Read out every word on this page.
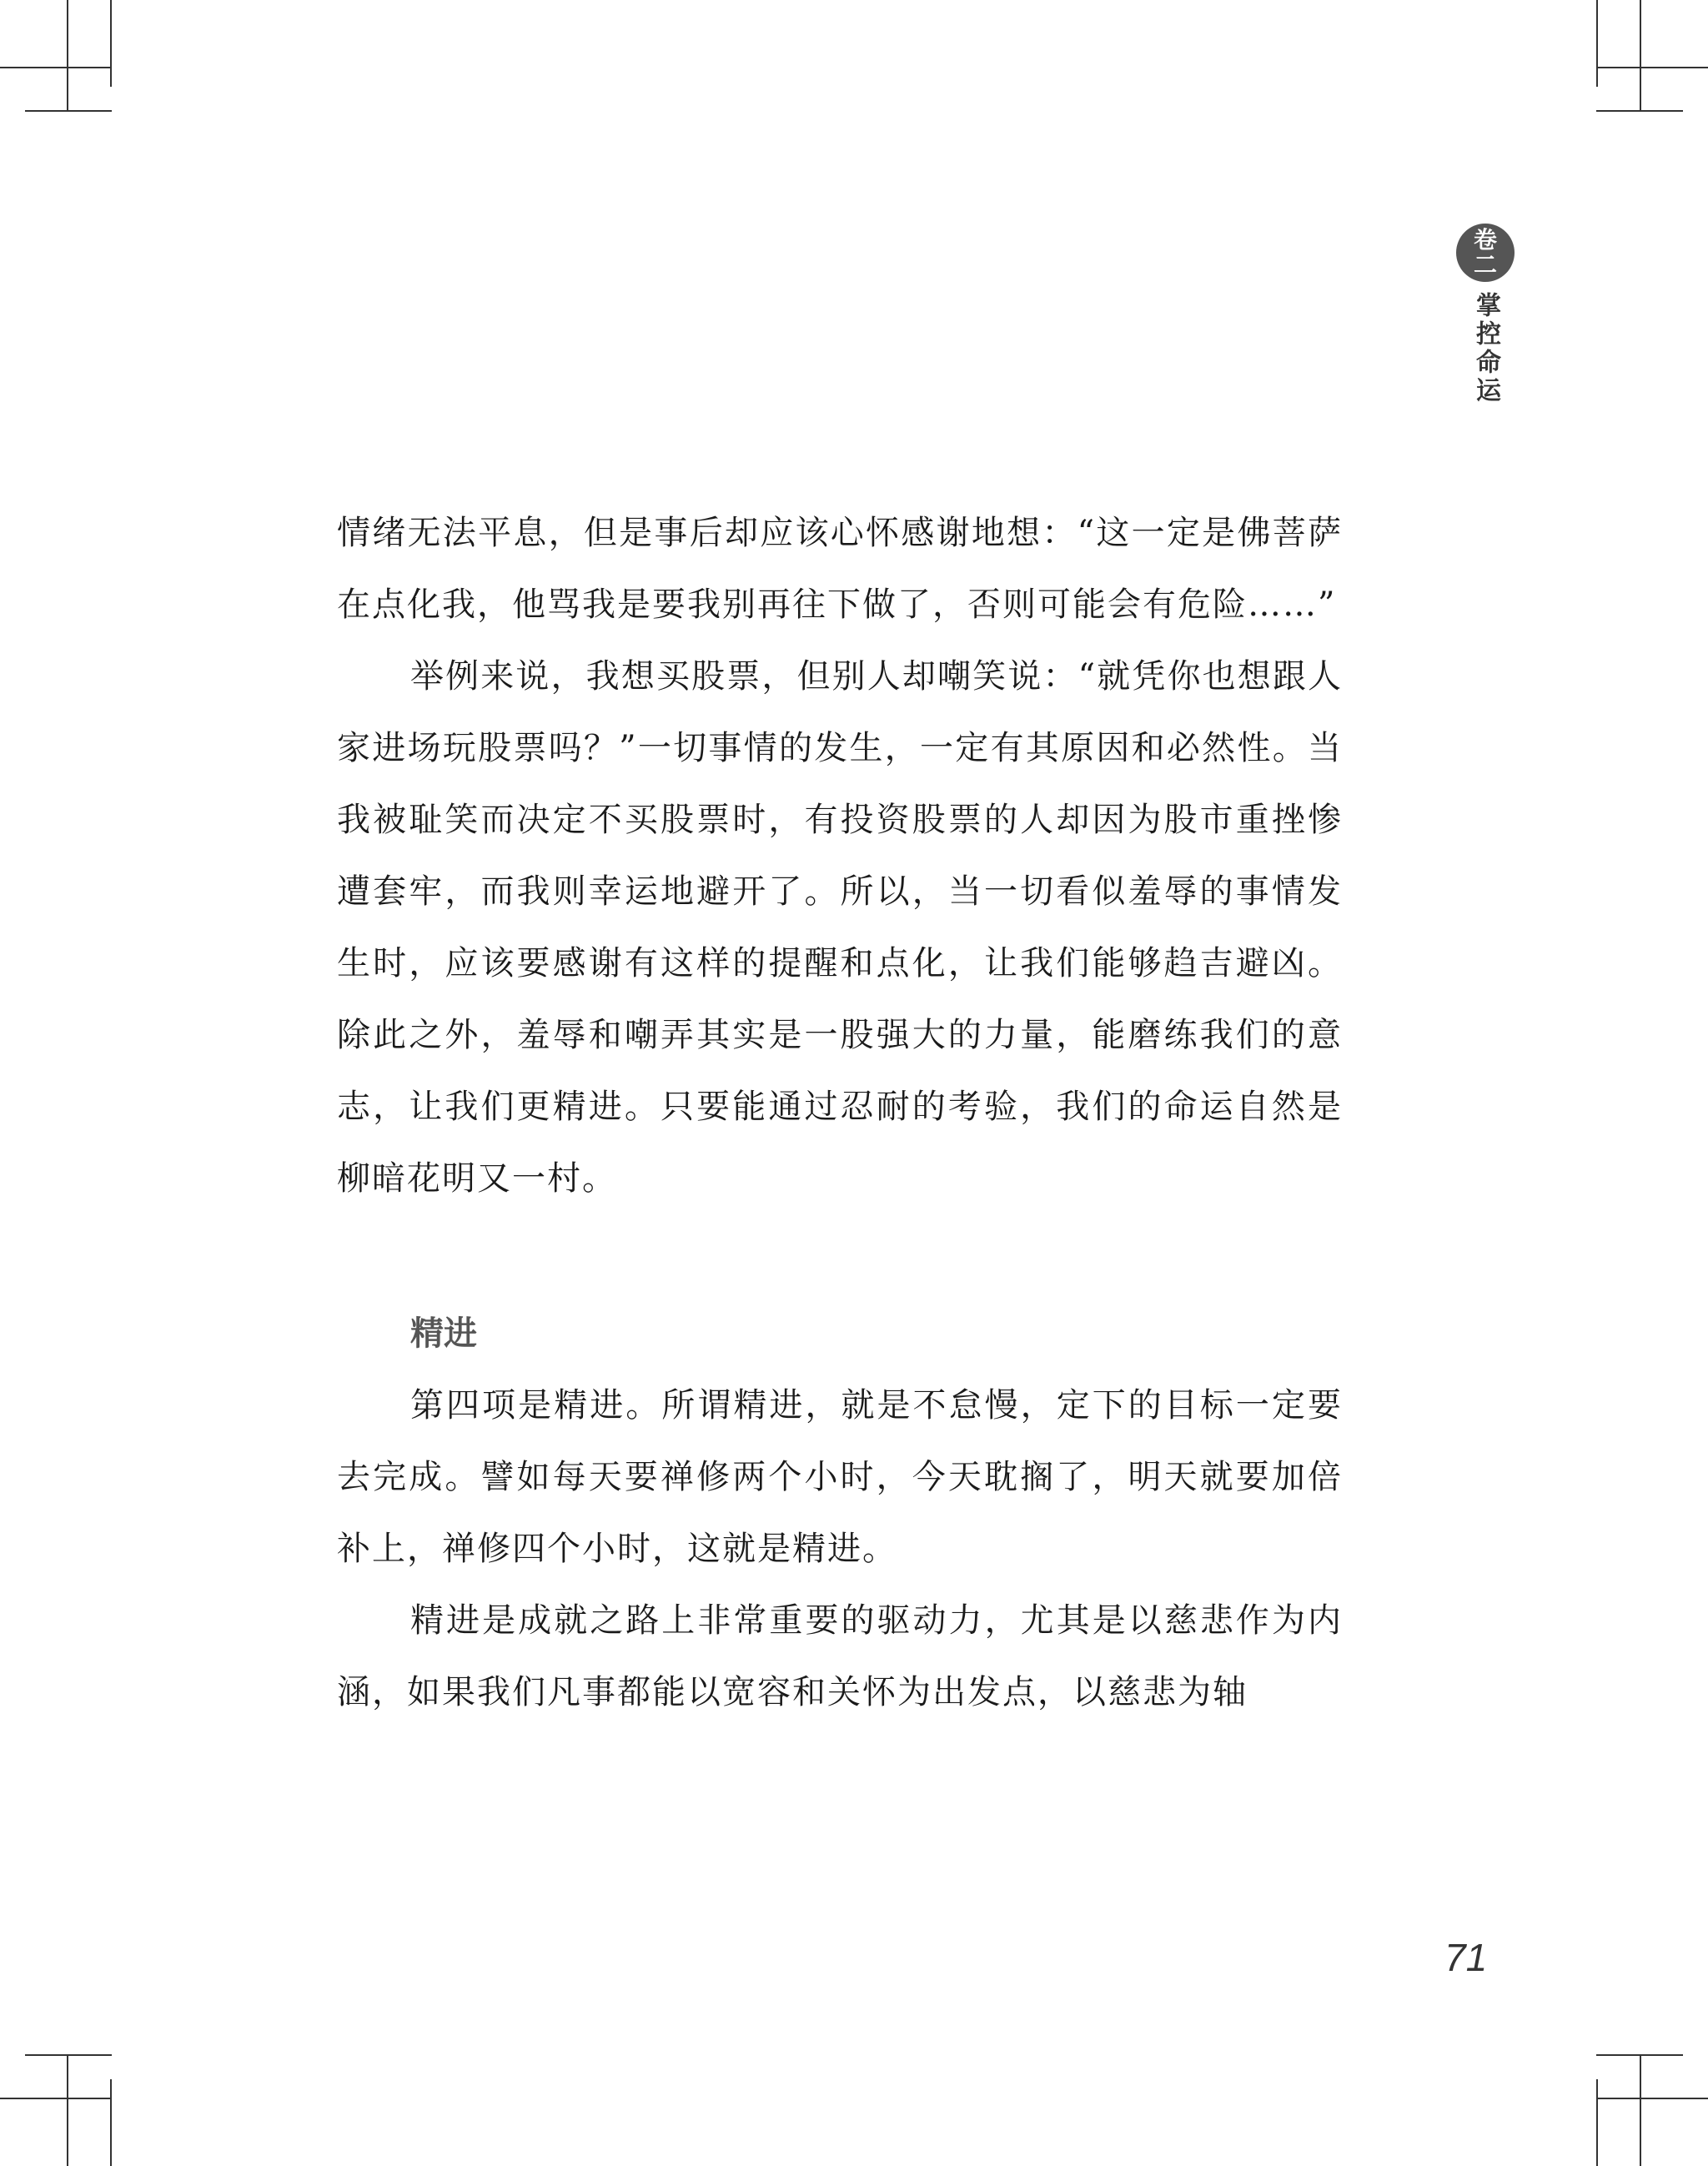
卷
二
掌控命运

情绪无法平息，但是事后却应该心怀感谢地想：“这一定是佛菩萨在点化我，他骂我是要我别再往下做了，否则可能会有危险……”

举例来说，我想买股票，但别人却嘲笑说：“就凭你也想跟人家进场玩股票吗？”一切事情的发生，一定有其原因和必然性。当我被耻笑而决定不买股票时，有投资股票的人却因为股市重挫惨遭套牢，而我则幸运地避开了。所以，当一切看似羞辱的事情发生时，应该要感谢有这样的提醒和点化，让我们能够趋吉避凶。除此之外，羞辱和嘲弄其实是一股强大的力量，能磨练我们的意志，让我们更精进。只要能通过忍耐的考验，我们的命运自然是柳暗花明又一村。

精进

第四项是精进。所谓精进，就是不怠慢，定下的目标一定要去完成。譬如每天要禅修两个小时，今天耽搁了，明天就要加倍补上，禅修四个小时，这就是精进。

精进是成就之路上非常重要的驱动力，尤其是以慈悲作为内涵，如果我们凡事都能以宽容和关怀为出发点，以慈悲为轴

71
